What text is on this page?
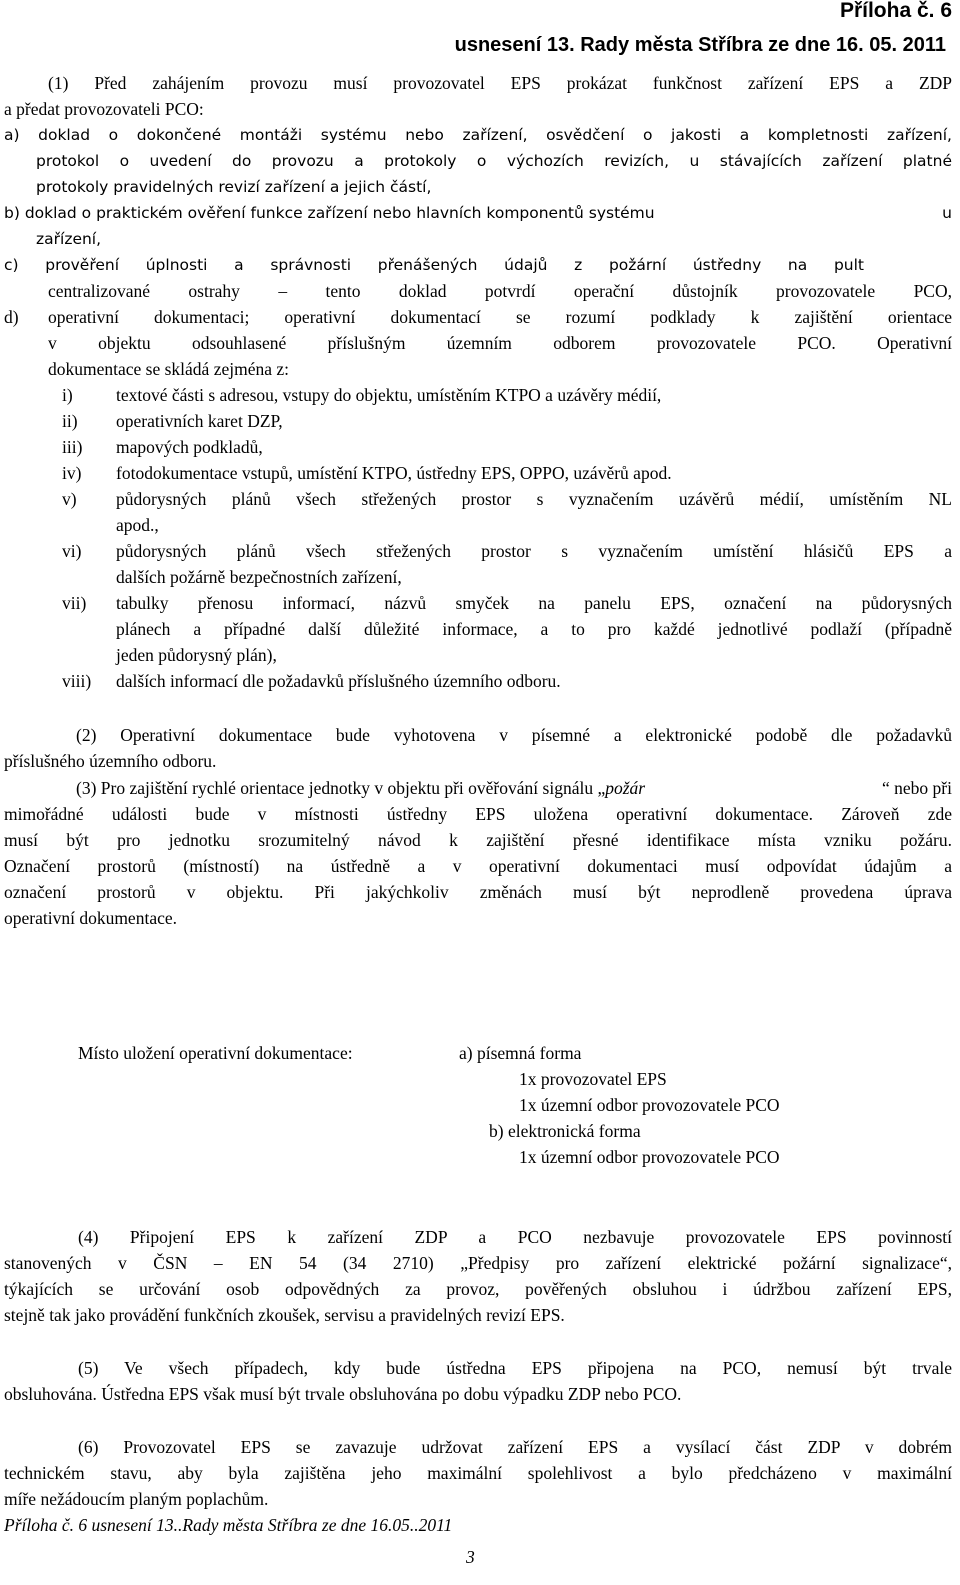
Příloha č. 6
usnesení 13. Rady města Stříbra ze dne 16. 05. 2011
(1) Před zahájením provozu musí provozovatel EPS prokázat funkčnost zařízení EPS a ZDP
a předat provozovateli PCO:
a) doklad o dokončené montáži systému nebo zařízení, osvědčení o jakosti a kompletnosti zařízení,
protokol o uvedení do provozu a protokoly o výchozích revizích, u stávajících zařízení platné
protokoly pravidelných revizí zařízení a jejich částí,
b) doklad o praktickém ověření funkce zařízení nebo hlavních komponentů systému	u
zařízení,
c) prověření úplnosti a správnosti přenášených údajů z požární ústředny na pult
centralizované ostrahy – tento doklad potvrdí operační důstojník provozovatele PCO,
d) operativní dokumentaci; operativní dokumentací se rozumí podklady k zajištění orientace
v objektu odsouhlasené příslušným územním odborem provozovatele PCO. Operativní
dokumentace se skládá zejména z:
i) textové části s adresou, vstupy do objektu, umístěním KTPO a uzávěry médií,
ii) operativních karet DZP,
iii) mapových podkladů,
iv) fotodokumentace vstupů, umístění KTPO, ústředny EPS, OPPO, uzávěrů apod.
v) půdorysných plánů všech střežených prostor s vyznačením uzávěrů médií, umístěním NL
apod.,
vi) půdorysných plánů všech střežených prostor s vyznačením umístění hlásičů EPS a
dalších požárně bezpečnostních zařízení,
vii) tabulky přenosu informací, názvů smyček na panelu EPS, označení na půdorysných
plánech a případné další důležité informace, a to pro každé jednotlivé podlaží (případně
jeden půdorysný plán),
viii) dalších informací dle požadavků příslušného územního odboru.
(2) Operativní dokumentace bude vyhotovena v písemné a elektronické podobě dle požadavků
příslušného územního odboru.
(3) Pro zajištění rychlé orientace jednotky v objektu při ověřování signálu „ požár	“ nebo při
mimořádné události bude v místnosti ústředny EPS uložena operativní dokumentace. Zároveň zde
musí být pro jednotku srozumitelný návod k zajištění přesné identifikace místa vzniku požáru.
Označení prostorů (místností) na ústředně a v operativní dokumentaci musí odpovídat údajům a
označení prostorů v objektu. Při jakýchkoliv změnách musí být neprodleně provedena úprava
operativní dokumentace.
Místo uložení operativní dokumentace:	a) písemná forma
1x provozovatel EPS
1x územní odbor provozovatele PCO
b) elektronická forma
1x územní odbor provozovatele PCO
(4) Připojení EPS k zařízení ZDP a PCO nezbavuje provozovatele EPS povinností
stanovených v ČSN – EN 54 (34 2710) „Předpisy pro zařízení elektrické požární signalizace“,
týkajících se určování osob odpovědných za provoz, pověřených obsluhou i údržbou zařízení EPS,
stejně tak jako provádění funkčních zkoušek, servisu a pravidelných revizí EPS.
(5) Ve všech případech, kdy bude ústředna EPS připojena na PCO, nemusí být trvale
obsluhována. Ústředna EPS však musí být trvale obsluhována po dobu výpadku ZDP nebo PCO.
(6) Provozovatel EPS se zavazuje udržovat zařízení EPS a vysílací část ZDP v dobrém
technickém stavu, aby byla zajištěna jeho maximální spolehlivost a bylo předcházeno v maximální
míře nežádoucím planým poplachům.
Příloha č. 6 usnesení 13..Rady města Stříbra ze dne 16.05..2011
3
